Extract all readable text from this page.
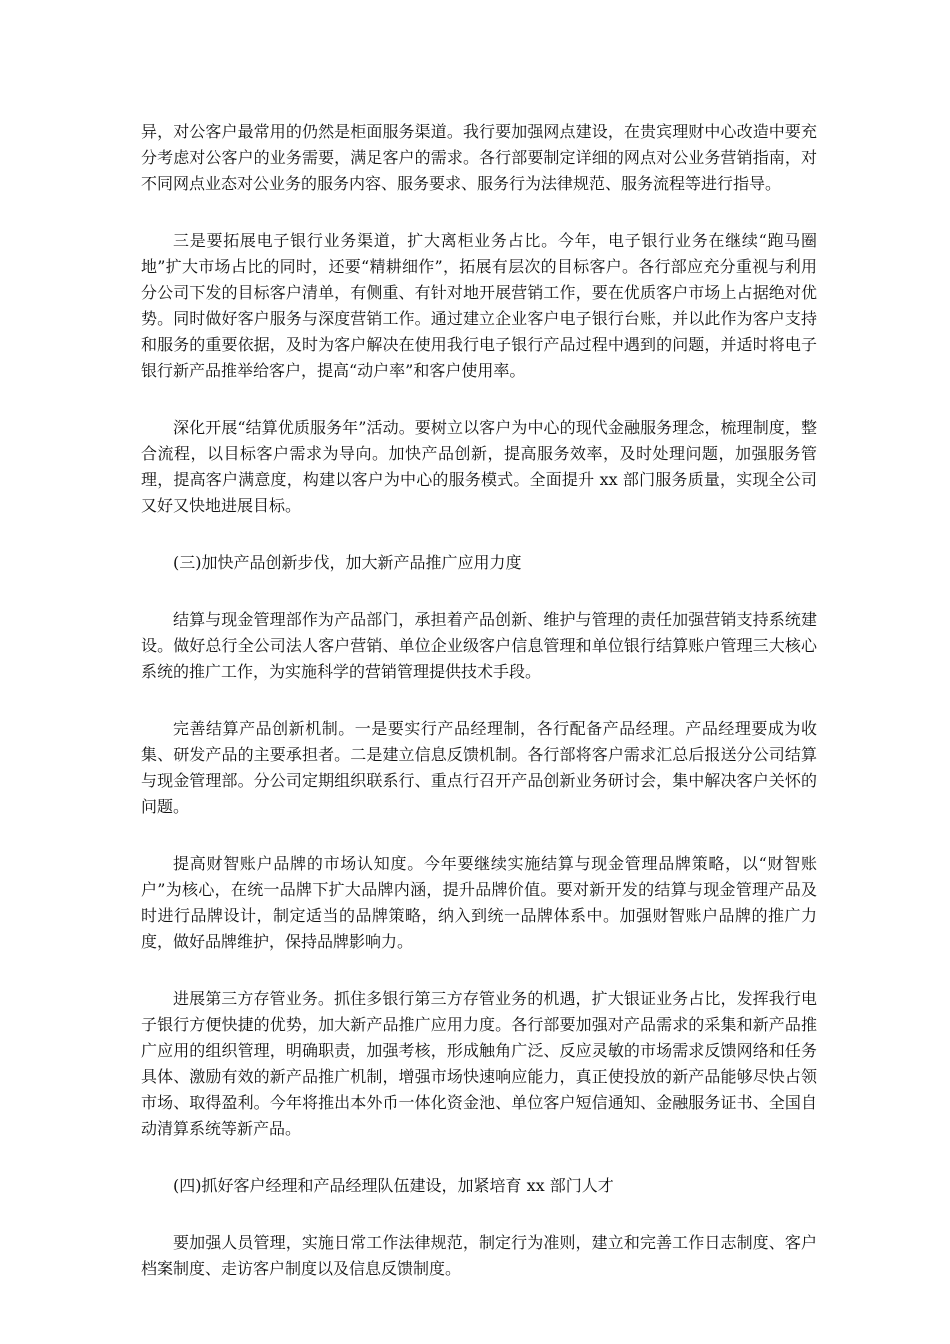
异，对公客户最常用的仍然是柜面服务渠道。我行要加强网点建设，在贵宾理财中心改造中要充分考虑对公客户的业务需要，满足客户的需求。各行部要制定详细的网点对公业务营销指南，对不同网点业态对公业务的服务内容、服务要求、服务行为法律规范、服务流程等进行指导。

三是要拓展电子银行业务渠道，扩大离柜业务占比。今年，电子银行业务在继续“跑马圈地”扩大市场占比的同时，还要“精耕细作”，拓展有层次的目标客户。各行部应充分重视与利用分公司下发的目标客户清单，有侧重、有针对地开展营销工作，要在优质客户市场上占据绝对优势。同时做好客户服务与深度营销工作。通过建立企业客户电子银行台账，并以此作为客户支持和服务的重要依据，及时为客户解决在使用我行电子银行产品过程中遇到的问题，并适时将电子银行新产品推举给客户，提高“动户率”和客户使用率。

深化开展“结算优质服务年”活动。要树立以客户为中心的现代金融服务理念，梳理制度，整合流程，以目标客户需求为导向。加快产品创新，提高服务效率，及时处理问题，加强服务管理，提高客户满意度，构建以客户为中心的服务模式。全面提升 xx 部门服务质量，实现全公司又好又快地进展目标。

(三)加快产品创新步伐，加大新产品推广应用力度

结算与现金管理部作为产品部门，承担着产品创新、维护与管理的责任加强营销支持系统建设。做好总行全公司法人客户营销、单位企业级客户信息管理和单位银行结算账户管理三大核心系统的推广工作，为实施科学的营销管理提供技术手段。

完善结算产品创新机制。一是要实行产品经理制，各行配备产品经理。产品经理要成为收集、研发产品的主要承担者。二是建立信息反馈机制。各行部将客户需求汇总后报送分公司结算与现金管理部。分公司定期组织联系行、重点行召开产品创新业务研讨会，集中解决客户关怀的问题。

提高财智账户品牌的市场认知度。今年要继续实施结算与现金管理品牌策略，以“财智账户”为核心，在统一品牌下扩大品牌内涵，提升品牌价值。要对新开发的结算与现金管理产品及时进行品牌设计，制定适当的品牌策略，纳入到统一品牌体系中。加强财智账户品牌的推广力度，做好品牌维护，保持品牌影响力。

进展第三方存管业务。抓住多银行第三方存管业务的机遇，扩大银证业务占比，发挥我行电子银行方便快捷的优势，加大新产品推广应用力度。各行部要加强对产品需求的采集和新产品推广应用的组织管理，明确职责，加强考核，形成触角广泛、反应灵敏的市场需求反馈网络和任务具体、激励有效的新产品推广机制，增强市场快速响应能力，真正使投放的新产品能够尽快占领市场、取得盈利。今年将推出本外币一体化资金池、单位客户短信通知、金融服务证书、全国自动清算系统等新产品。

(四)抓好客户经理和产品经理队伍建设，加紧培育 xx 部门人才

要加强人员管理，实施日常工作法律规范，制定行为准则，建立和完善工作日志制度、客户档案制度、走访客户制度以及信息反馈制度。
